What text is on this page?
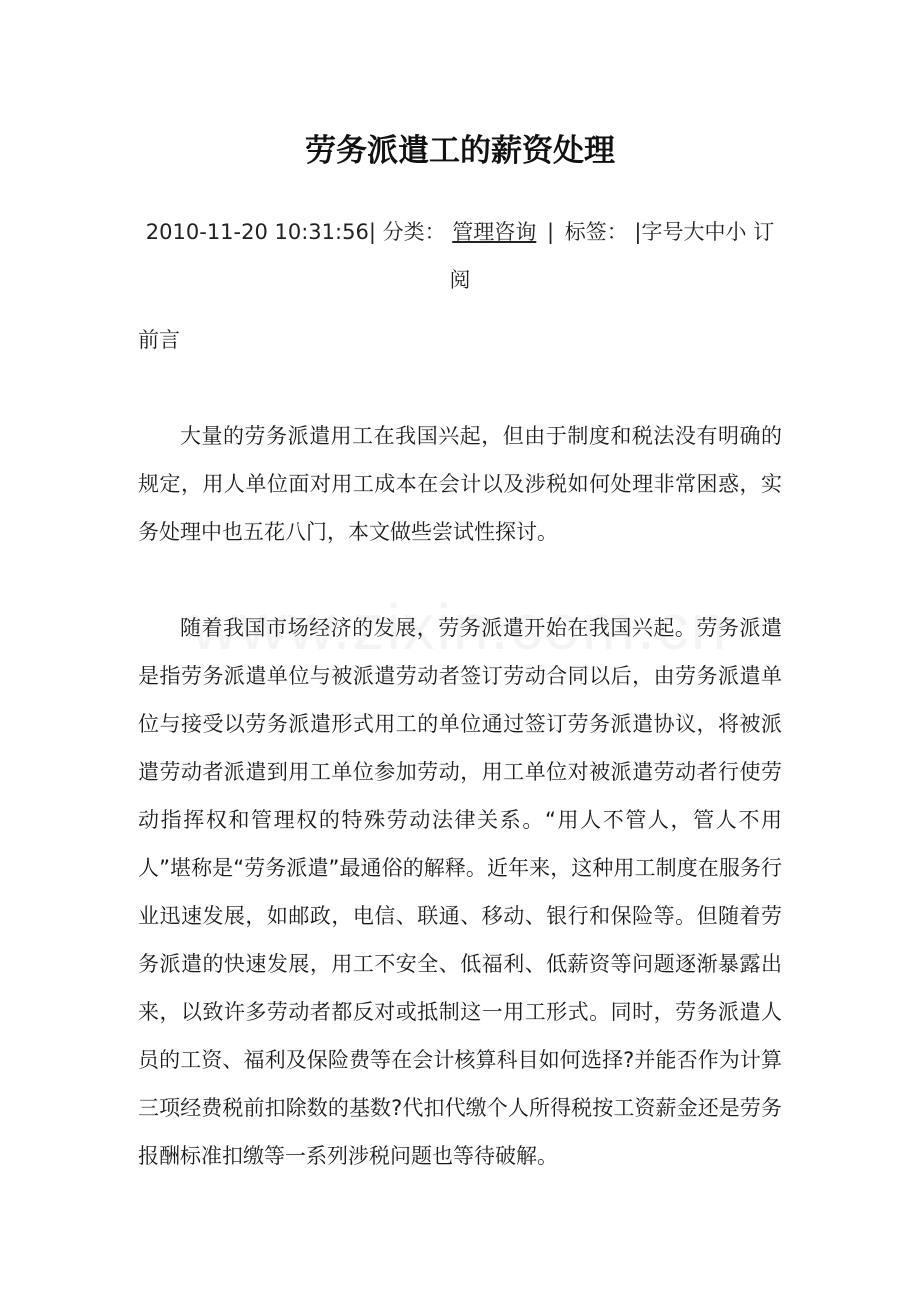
劳务派遣工的薪资处理
2010-11-20 10:31:56| 分类： 管理咨询 | 标签： |字号大中小 订阅
前言

大量的劳务派遣用工在我国兴起，但由于制度和税法没有明确的规定，用人单位面对用工成本在会计以及涉税如何处理非常困惑，实务处理中也五花八门，本文做些尝试性探讨。

随着我国市场经济的发展，劳务派遣开始在我国兴起。劳务派遣是指劳务派遣单位与被派遣劳动者签订劳动合同以后，由劳务派遣单位与接受以劳务派遣形式用工的单位通过签订劳务派遣协议，将被派遣劳动者派遣到用工单位参加劳动，用工单位对被派遣劳动者行使劳动指挥权和管理权的特殊劳动法律关系。“用人不管人，管人不用人”堪称是“劳务派遣”最通俗的解释。近年来，这种用工制度在服务行业迅速发展，如邮政，电信、联通、移动、银行和保险等。但随着劳务派遣的快速发展，用工不安全、低福利、低薪资等问题逐渐暴露出来，以致许多劳动者都反对或抵制这一用工形式。同时，劳务派遣人员的工资、福利及保险费等在会计核算科目如何选择?并能否作为计算三项经费税前扣除数的基数?代扣代缴个人所得税按工资薪金还是劳务报酬标准扣缴等一系列涉税问题也等待破解。
